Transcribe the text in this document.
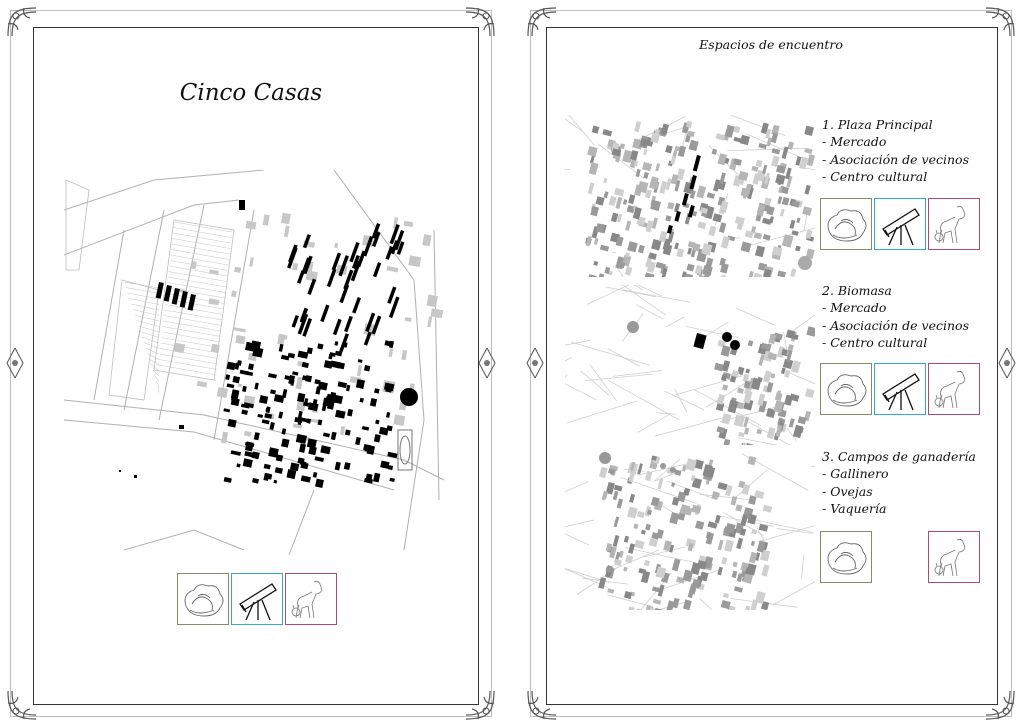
Cinco Casas
Espacios de encuentro
1. Plaza Principal
- Mercado
- Asociación de vecinos
- Centro cultural
2. Biomasa
- Mercado
- Asociación de vecinos
- Centro cultural
3. Campos de ganadería
- Gallinero
- Ovejas
- Vaquería
